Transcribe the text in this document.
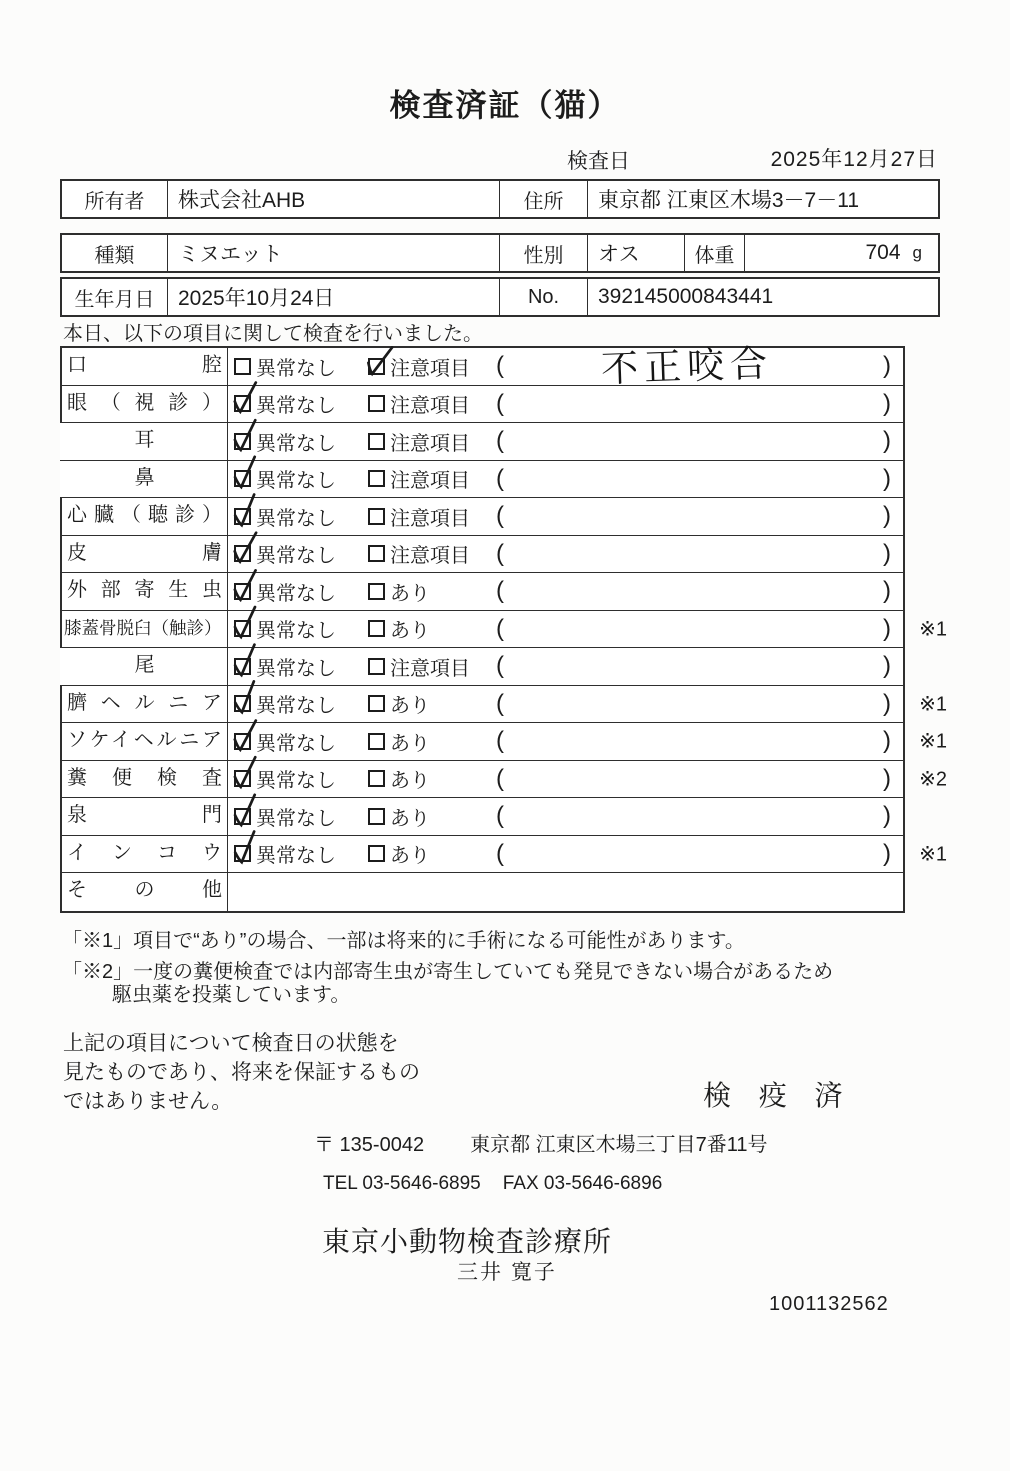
検査済証（猫）
検査日	2025年12月27日
所有者	株式会社AHB	住所	東京都 江東区木場3－7－11
種類	ミヌエット	性別	オス	体重	704 g
生年月日	2025年10月24日	No.	392145000843441
本日、以下の項目に関して検査を行いました。
口腔	異常なし	注意項目 (	不正咬合	)
眼（視診）	異常なし	注意項目 (	)
耳	異常なし	注意項目 (	)
鼻	異常なし	注意項目 (	)
心臓（聴診）	異常なし	注意項目 (	)
皮膚	異常なし	注意項目 (	)
外部寄生虫	異常なし	あり	(	)
膝蓋骨脱臼（触診）	異常なし	あり	(	) ※1
尾	異常なし	注意項目 (	)
臍ヘルニア	異常なし	あり	(	) ※1
ソケイヘルニア	異常なし	あり	(	) ※1
糞便検査	異常なし	あり	(	) ※2
泉門	異常なし	あり	(	)
インコウ	異常なし	あり	(	) ※1
その他
「※1」項目で“あり”の場合、一部は将来的に手術になる可能性があります。
「※2」一度の糞便検査では内部寄生虫が寄生していても発見できない場合があるため
駆虫薬を投薬しています。
上記の項目について検査日の状態を
見たものであり、将来を保証するもの
ではありません。	検 疫 済
〒 135-0042 東京都 江東区木場三丁目7番11号
TEL 03-5646-6895 FAX 03-5646-6896
東京小動物検査診療所
三井 寛子
1001132562
